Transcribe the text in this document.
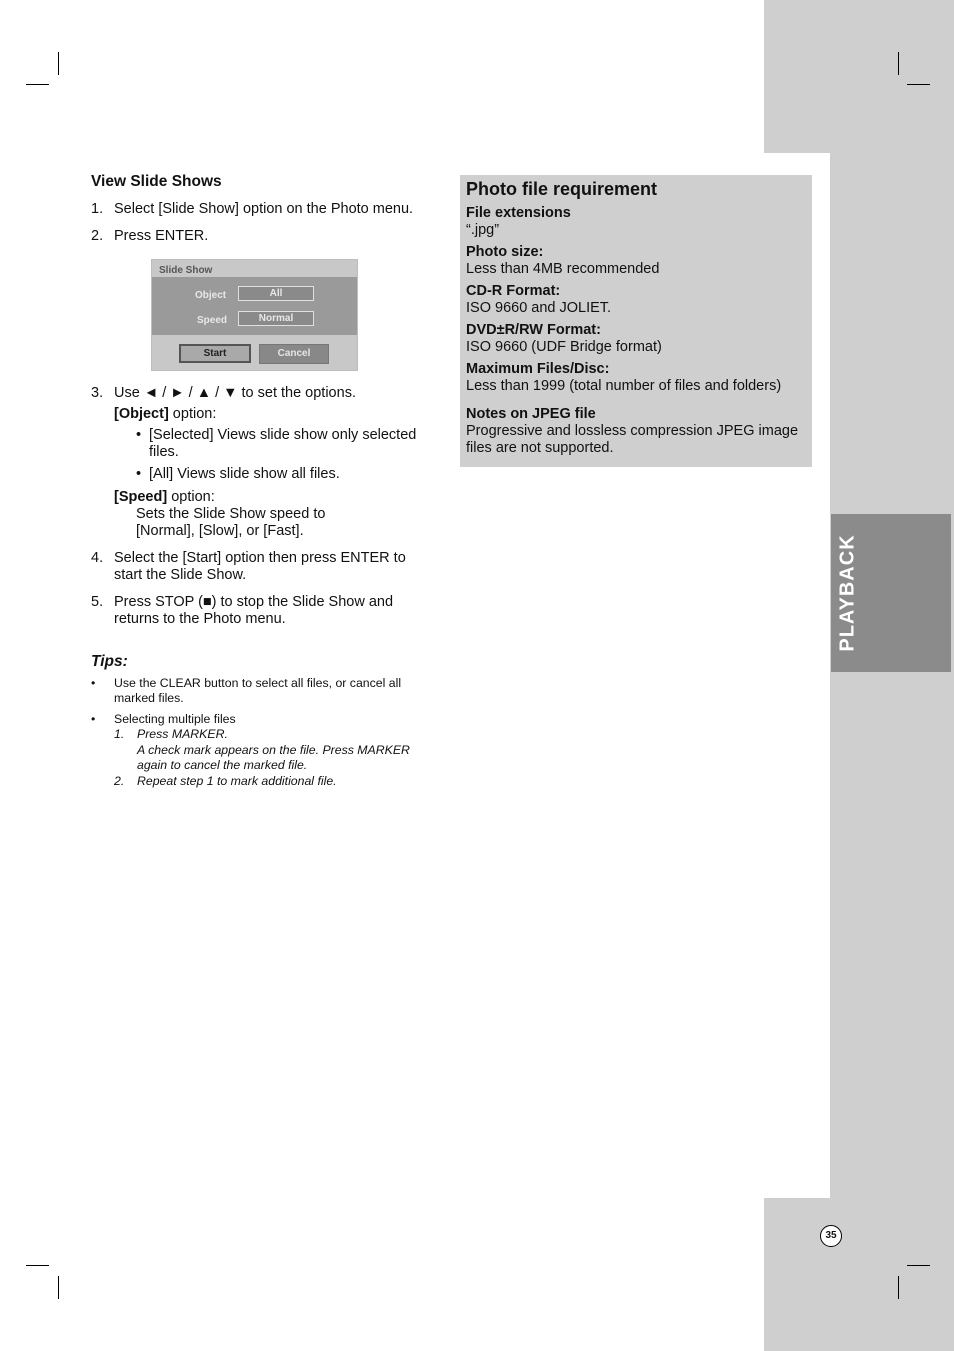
PLAYBACK
35
View Slide Shows
1. Select [Slide Show] option on the Photo menu.
2. Press ENTER.
Slide Show
Object	All
Speed	Normal
Start	Cancel
3. Use ◄ / ► / ▲ / ▼ to set the options.
[Object] option:
• [Selected] Views slide show only selected files.
• [All] Views slide show all files.
[Speed] option:
Sets the Slide Show speed to [Normal], [Slow], or [Fast].
4. Select the [Start] option then press ENTER to start the Slide Show.
5. Press STOP (■) to stop the Slide Show and returns to the Photo menu.
Tips:
• Use the CLEAR button to select all files, or cancel all marked files.
• Selecting multiple files
1. Press MARKER.
A check mark appears on the file. Press MARKER again to cancel the marked file.
2. Repeat step 1 to mark additional file.
Photo file requirement
File extensions
“.jpg”
Photo size:
Less than 4MB recommended
CD-R Format:
ISO 9660 and JOLIET.
DVD±R/RW Format:
ISO 9660 (UDF Bridge format)
Maximum Files/Disc:
Less than 1999 (total number of files and folders)
Notes on JPEG file
Progressive and lossless compression JPEG image files are not supported.
